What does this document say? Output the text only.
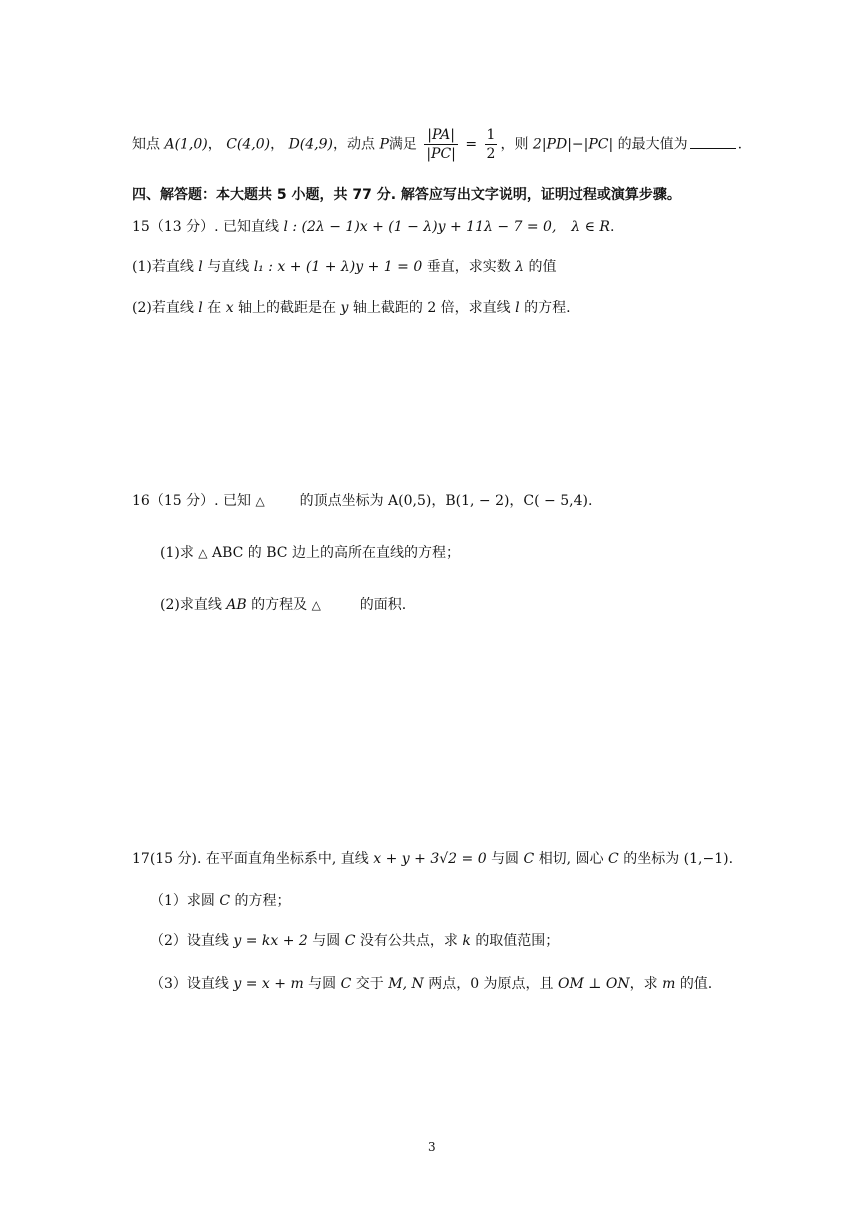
知点 A(1,0)， C(4,0)， D(4,9)，动点 P满足 $\frac{|PA|}{|PC|} = \frac{1}{2}$ ，则 2|PD|−|PC| 的最大值为	.
四、解答题：本大题共 5 小题，共 77 分. 解答应写出文字说明，证明过程或演算步骤。
15（13 分）. 已知直线 l : (2λ − 1)x + (1 − λ)y + 11λ − 7 = 0, λ ∈ R.
(1)若直线 l 与直线 l₁ : x + (1 + λ)y + 1 = 0 垂直，求实数 λ 的值
(2)若直线 l 在 x 轴上的截距是在 y 轴上截距的 2 倍，求直线 l 的方程.
16（15 分）. 已知 △ 的顶点坐标为 A(0,5)，B(1, − 2)，C( − 5,4).
(1)求 △ ABC 的 BC 边上的高所在直线的方程；
(2)求直线 AB 的方程及 △	的面积.
17(15 分). 在平面直角坐标系中, 直线 x + y + 3√2 = 0 与圆 C 相切, 圆心 C 的坐标为 (1,−1).
（1）求圆 C 的方程；
（2）设直线 y = kx + 2 与圆 C 没有公共点，求 k 的取值范围；
（3）设直线 y = x + m 与圆 C 交于 M, N 两点，0 为原点，且 OM ⊥ ON，求 m 的值.
3
